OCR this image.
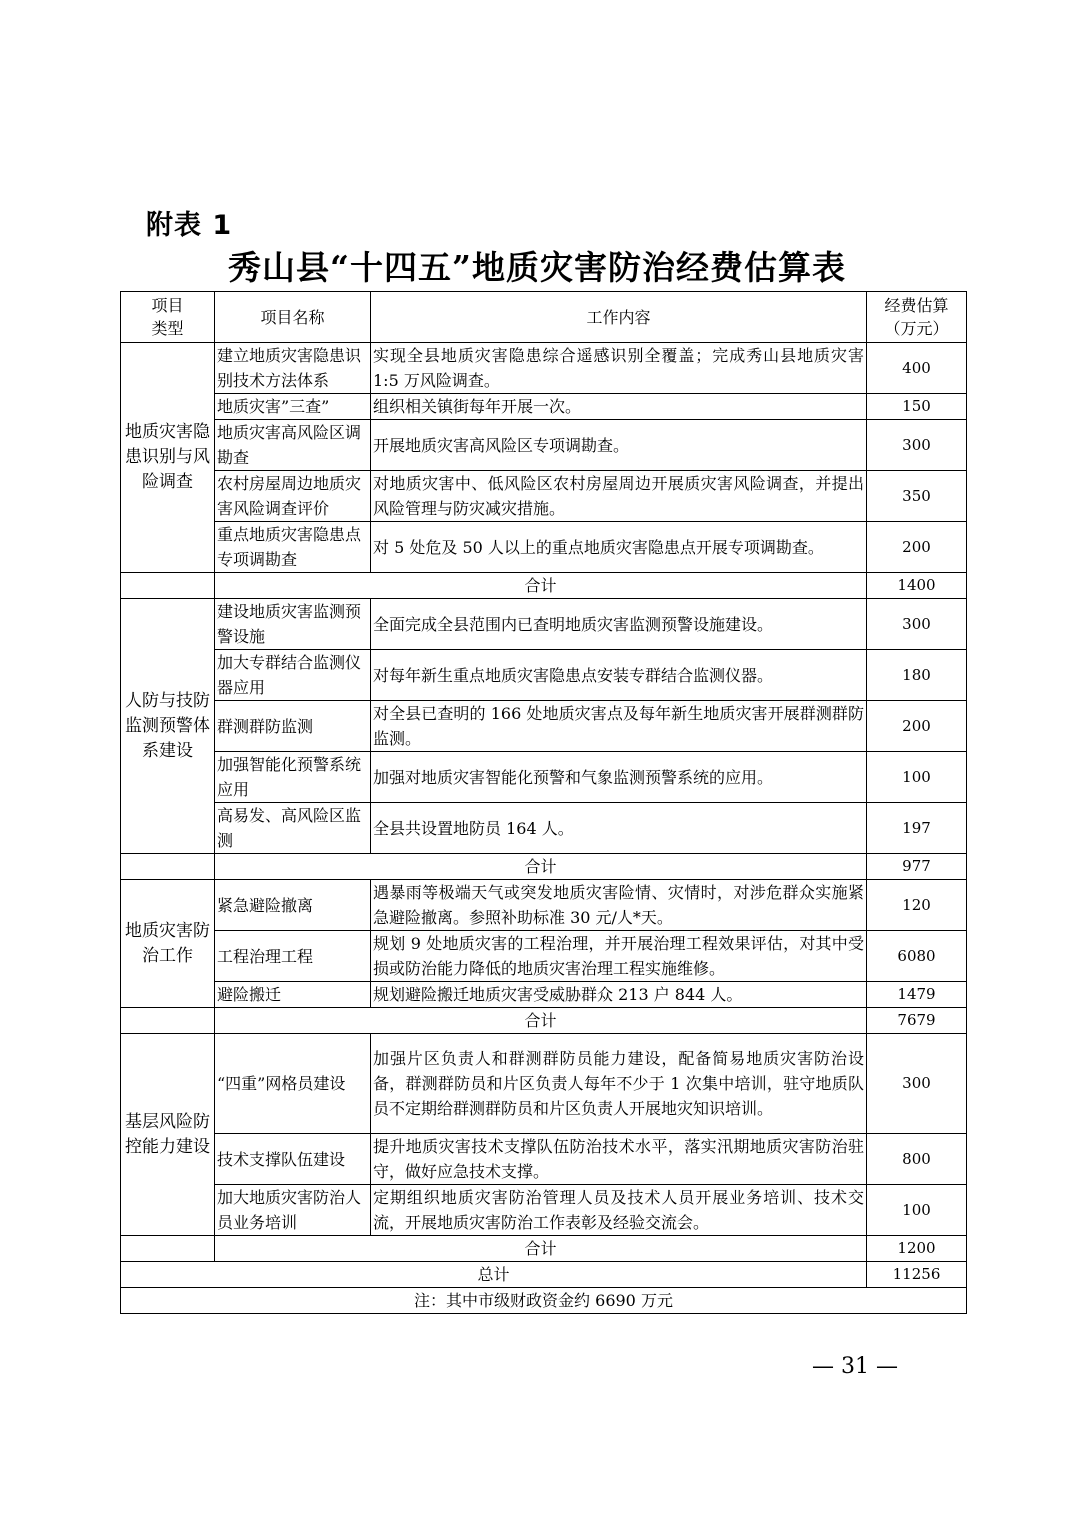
附表 1
秀山县“十四五”地质灾害防治经费估算表
项目类型	项目名称	工作内容	经费估算（万元）
地质灾害隐患识别与风险调查	建立地质灾害隐患识别技术方法体系	实现全县地质灾害隐患综合遥感识别全覆盖；完成秀山县地质灾害 1:5 万风险调查。	400
	地质灾害”三查”	组织相关镇街每年开展一次。	150
	地质灾害高风险区调勘查	开展地质灾害高风险区专项调勘查。	300
	农村房屋周边地质灾害风险调查评价	对地质灾害中、低风险区农村房屋周边开展质灾害风险调查，并提出风险管理与防灾减灾措施。	350
	重点地质灾害隐患点专项调勘查	对 5 处危及 50 人以上的重点地质灾害隐患点开展专项调勘查。	200
	合计		1400
人防与技防监测预警体系建设	建设地质灾害监测预警设施	全面完成全县范围内已查明地质灾害监测预警设施建设。	300
	加大专群结合监测仪器应用	对每年新生重点地质灾害隐患点安装专群结合监测仪器。	180
	群测群防监测	对全县已查明的 166 处地质灾害点及每年新生地质灾害开展群测群防监测。	200
	加强智能化预警系统应用	加强对地质灾害智能化预警和气象监测预警系统的应用。	100
	高易发、高风险区监测	全县共设置地防员 164 人。	197
	合计		977
地质灾害防治工作	紧急避险撤离	遇暴雨等极端天气或突发地质灾害险情、灾情时，对涉危群众实施紧急避险撤离。参照补助标准 30 元/人*天。	120
	工程治理工程	规划 9 处地质灾害的工程治理，并开展治理工程效果评估，对其中受损或防治能力降低的地质灾害治理工程实施维修。	6080
	避险搬迁	规划避险搬迁地质灾害受威胁群众 213 户 844 人。	1479
	合计		7679
基层风险防控能力建设	“四重”网格员建设	加强片区负责人和群测群防员能力建设，配备简易地质灾害防治设备，群测群防员和片区负责人每年不少于 1 次集中培训，驻守地质队员不定期给群测群防员和片区负责人开展地灾知识培训。	300
	技术支撑队伍建设	提升地质灾害技术支撑队伍防治技术水平，落实汛期地质灾害防治驻守，做好应急技术支撑。	800
	加大地质灾害防治人员业务培训	定期组织地质灾害防治管理人员及技术人员开展业务培训、技术交流，开展地质灾害防治工作表彰及经验交流会。	100
	合计		1200
总计			11256
注：其中市级财政资金约 6690 万元			
— 31 —
